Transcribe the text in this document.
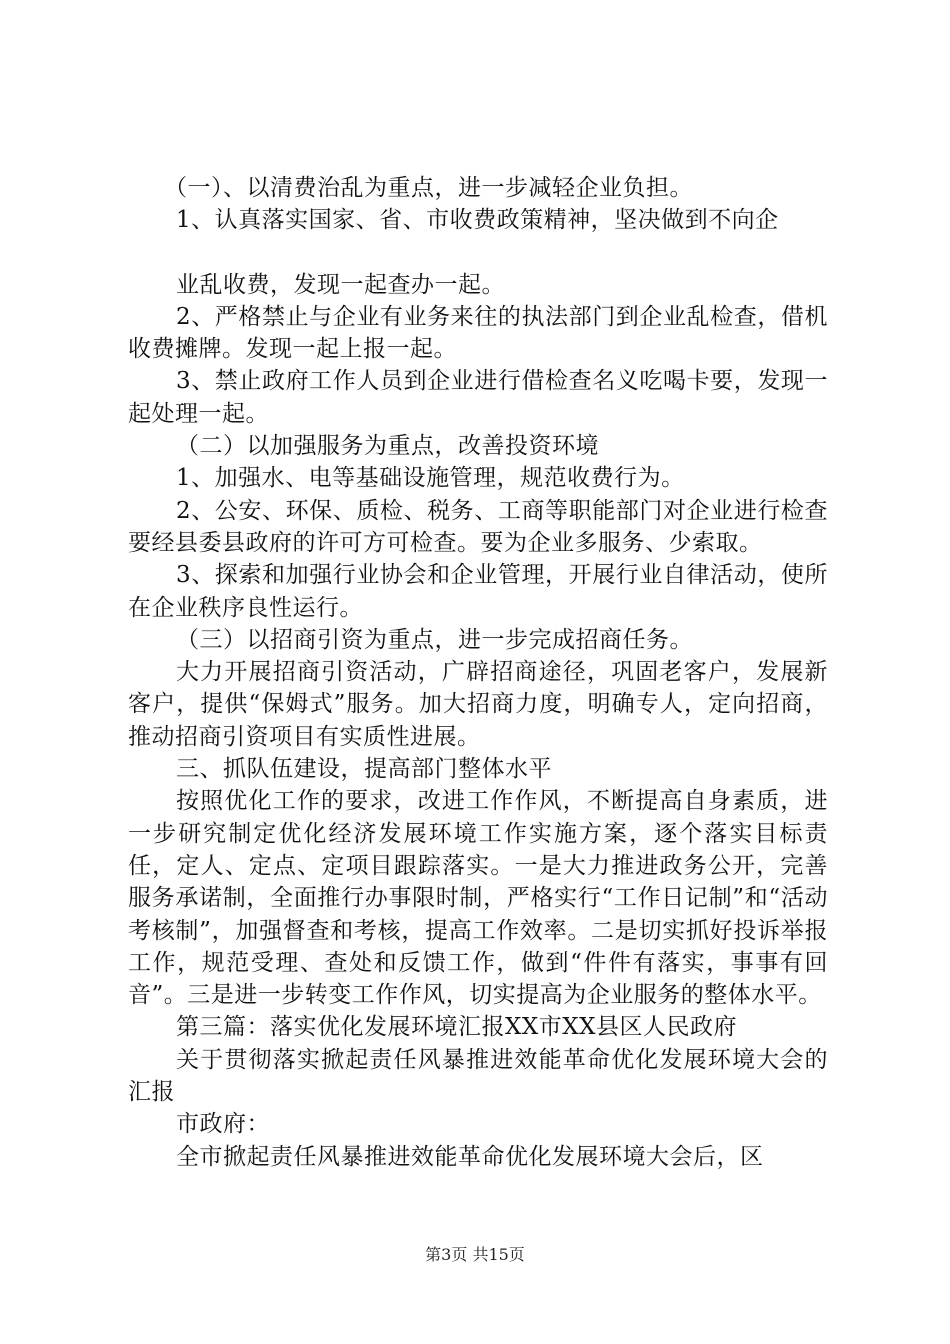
（一）、以清费治乱为重点，进一步减轻企业负担。

1、认真落实国家、省、市收费政策精神，坚决做到不向企

业乱收费，发现一起查办一起。

2、严格禁止与企业有业务来往的执法部门到企业乱检查，借机收费摊牌。发现一起上报一起。

3、禁止政府工作人员到企业进行借检查名义吃喝卡要，发现一起处理一起。

（二）以加强服务为重点，改善投资环境

1、加强水、电等基础设施管理，规范收费行为。

2、公安、环保、质检、税务、工商等职能部门对企业进行检查要经县委县政府的许可方可检查。要为企业多服务、少索取。

3、探索和加强行业协会和企业管理，开展行业自律活动，使所在企业秩序良性运行。

（三）以招商引资为重点，进一步完成招商任务。

大力开展招商引资活动，广辟招商途径，巩固老客户，发展新客户，提供“保姆式”服务。加大招商力度，明确专人，定向招商，推动招商引资项目有实质性进展。

三、抓队伍建设，提高部门整体水平

按照优化工作的要求，改进工作作风，不断提高自身素质，进一步研究制定优化经济发展环境工作实施方案，逐个落实目标责任，定人、定点、定项目跟踪落实。一是大力推进政务公开，完善服务承诺制，全面推行办事限时制，严格实行“工作日记制”和“活动考核制”，加强督查和考核，提高工作效率。二是切实抓好投诉举报工作，规范受理、查处和反馈工作，做到“件件有落实，事事有回音”。三是进一步转变工作作风，切实提高为企业服务的整体水平。

第三篇：落实优化发展环境汇报XX市XX县区人民政府

关于贯彻落实掀起责任风暴推进效能革命优化发展环境大会的汇报

市政府：

全市掀起责任风暴推进效能革命优化发展环境大会后，区

第3页 共15页
